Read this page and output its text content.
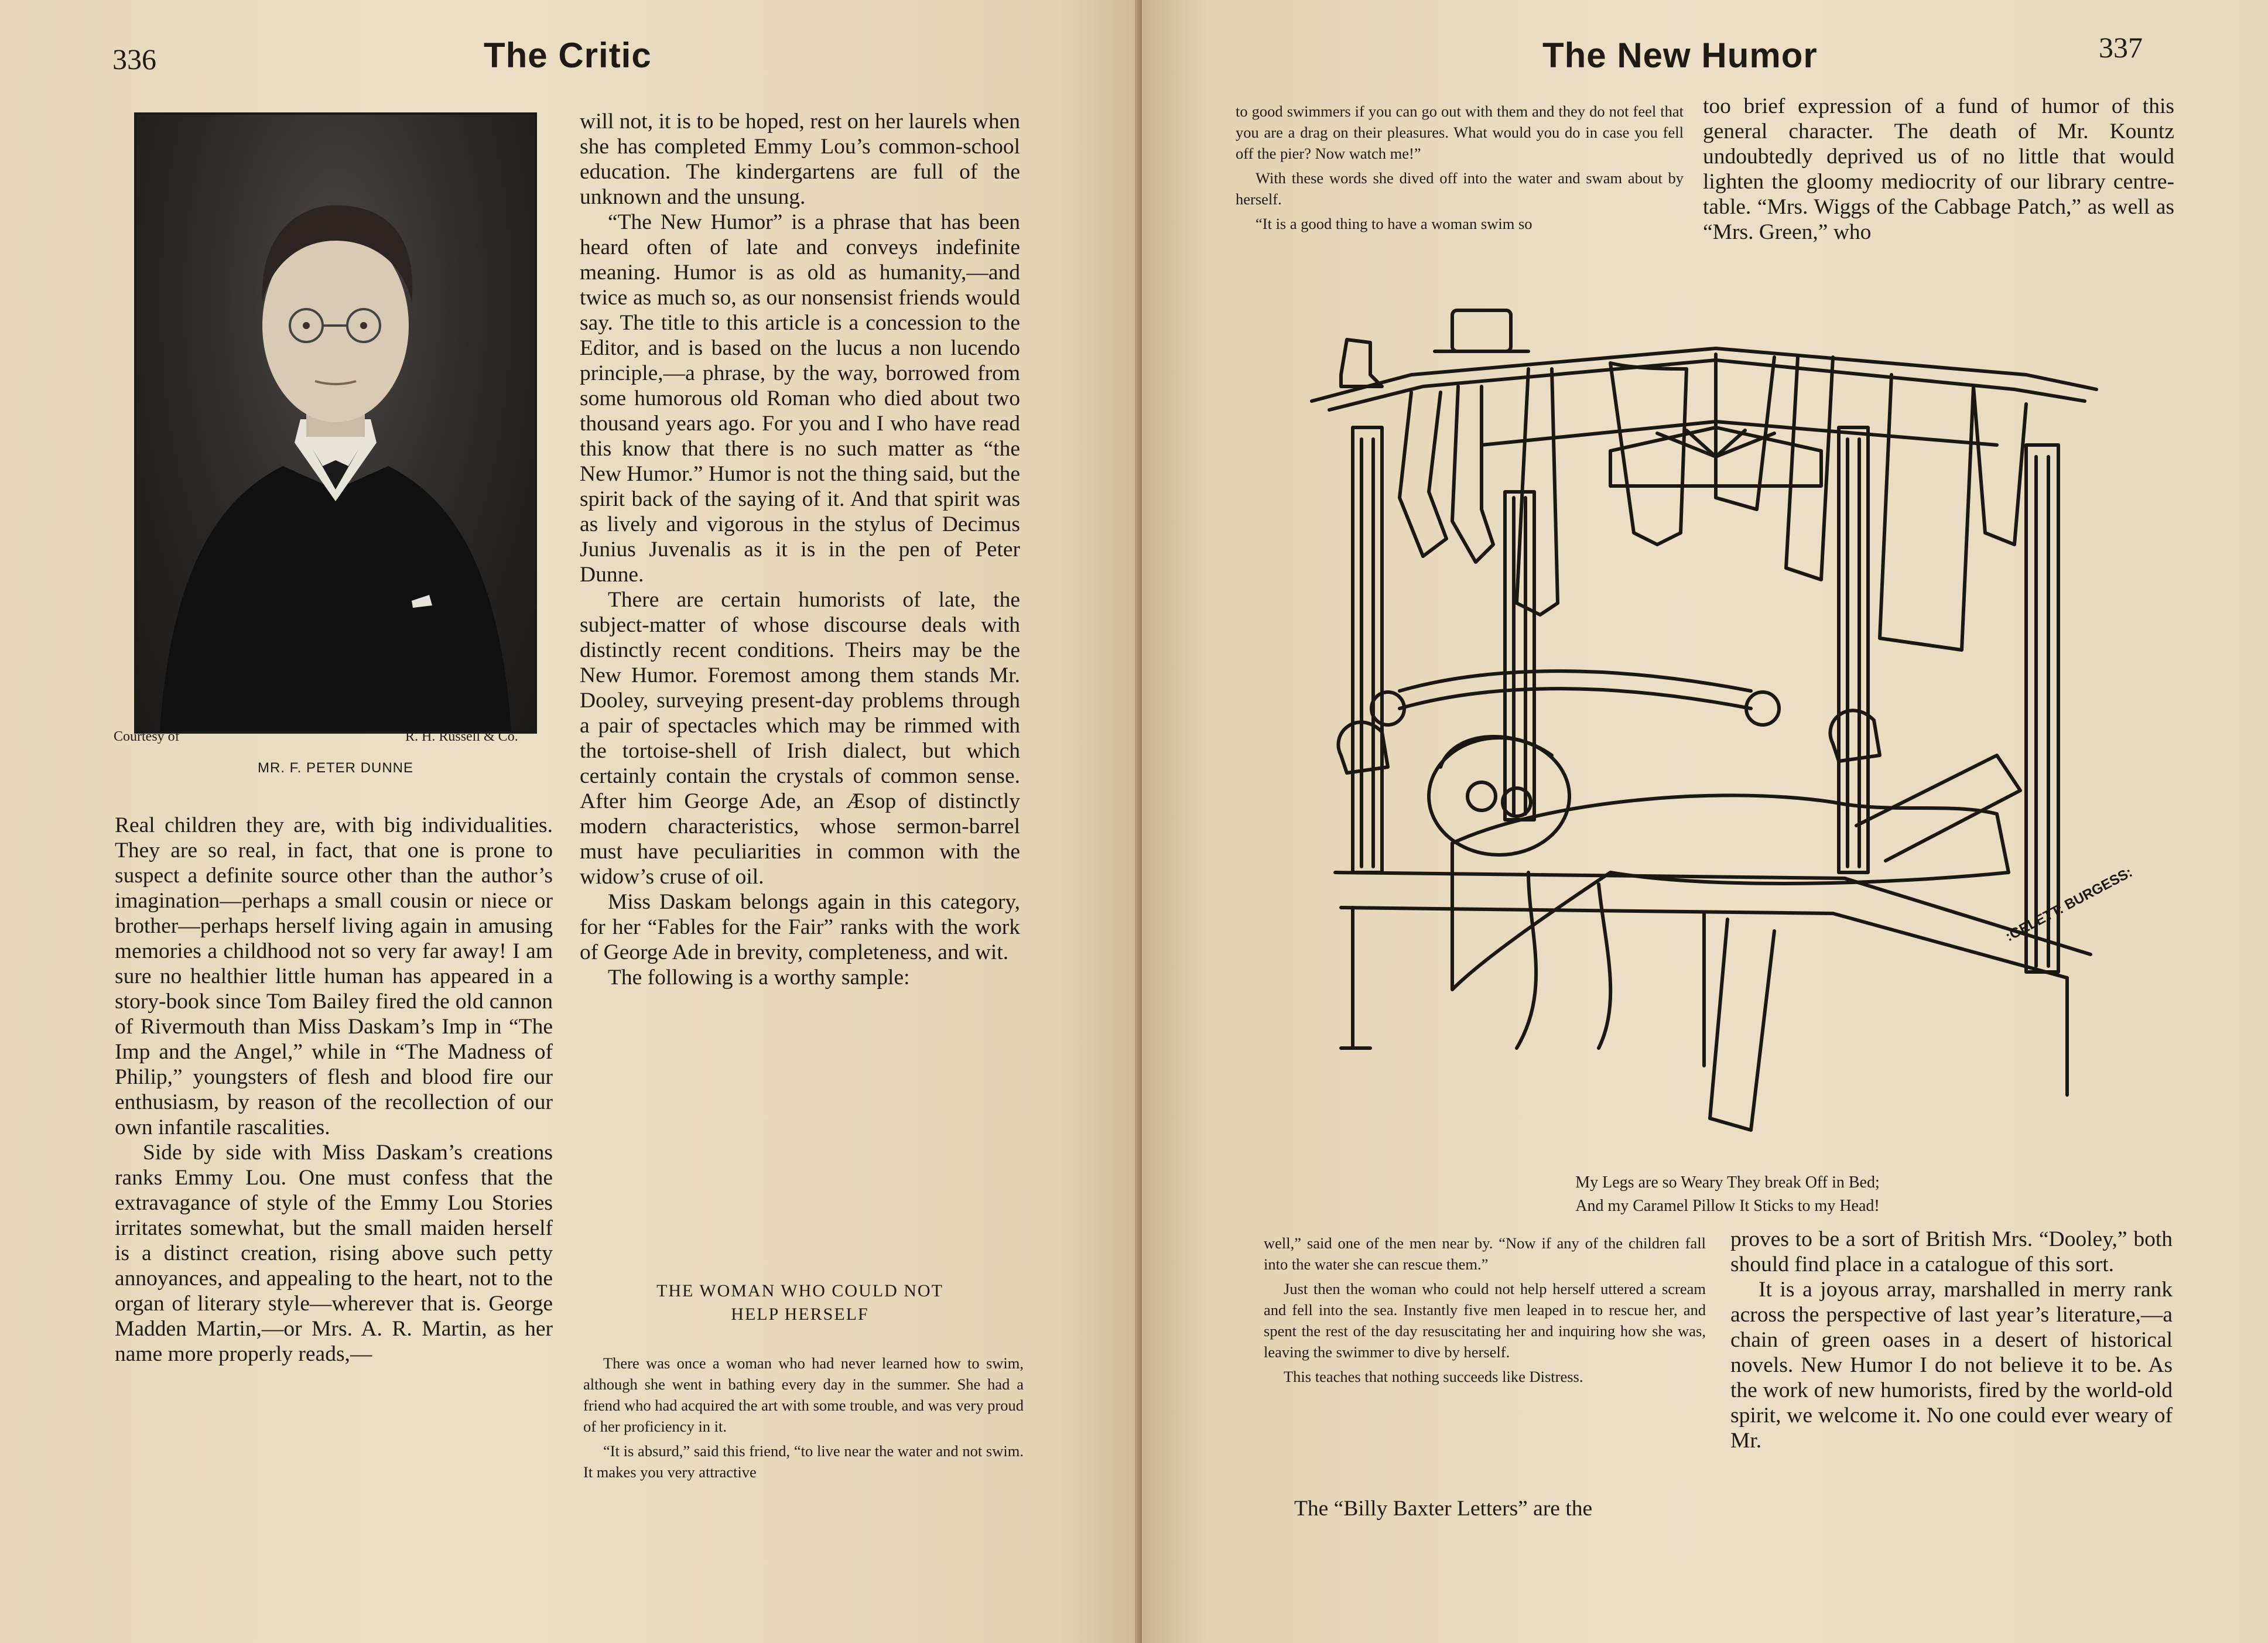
336	The Critic
Courtesy of	R. H. Russell & Co.
MR. F. PETER DUNNE

Real children they are, with big individualities. They are so real, in fact, that one is prone to suspect a definite source other than the author’s imagination—perhaps a small cousin or niece or brother—perhaps herself living again in amusing memories a childhood not so very far away! I am sure no healthier little human has appeared in a story-book since Tom Bailey fired the old cannon of Rivermouth than Miss Daskam’s Imp in “The Imp and the Angel,” while in “The Madness of Philip,” youngsters of flesh and blood fire our enthusiasm, by reason of the recollection of our own infantile rascalities.

Side by side with Miss Daskam’s creations ranks Emmy Lou. One must confess that the extravagance of style of the Emmy Lou Stories irritates somewhat, but the small maiden herself is a distinct creation, rising above such petty annoyances, and appealing to the heart, not to the organ of literary style—wherever that is. George Madden Martin,—or Mrs. A. R. Martin, as her name more properly reads,—

will not, it is to be hoped, rest on her laurels when she has completed Emmy Lou’s common-school education. The kindergartens are full of the unknown and the unsung.

“The New Humor” is a phrase that has been heard often of late and conveys indefinite meaning. Humor is as old as humanity,—and twice as much so, as our nonsensist friends would say. The title to this article is a concession to the Editor, and is based on the lucus a non lucendo principle,—a phrase, by the way, borrowed from some humorous old Roman who died about two thousand years ago. For you and I who have read this know that there is no such matter as “the New Humor.” Humor is not the thing said, but the spirit back of the saying of it. And that spirit was as lively and vigorous in the stylus of Decimus Junius Juvenalis as it is in the pen of Peter Dunne.

There are certain humorists of late, the subject-matter of whose discourse deals with distinctly recent conditions. Theirs may be the New Humor. Foremost among them stands Mr. Dooley, surveying present-day problems through a pair of spectacles which may be rimmed with the tortoise-shell of Irish dialect, but which certainly contain the crystals of common sense. After him George Ade, an Æsop of distinctly modern characteristics, whose sermon-barrel must have peculiarities in common with the widow’s cruse of oil.

Miss Daskam belongs again in this category, for her “Fables for the Fair” ranks with the work of George Ade in brevity, completeness, and wit.

The following is a worthy sample:

THE WOMAN WHO COULD NOT
HELP HERSELF

There was once a woman who had never learned how to swim, although she went in bathing every day in the summer. She had a friend who had acquired the art with some trouble, and was very proud of her proficiency in it.

“It is absurd,” said this friend, “to live near the water and not swim. It makes you very attractive

The New Humor	337

to good swimmers if you can go out with them and they do not feel that you are a drag on their pleasures. What would you do in case you fell off the pier? Now watch me!”

With these words she dived off into the water and swam about by herself.

“It is a good thing to have a woman swim so

too brief expression of a fund of humor of this general character. The death of Mr. Kountz undoubtedly deprived us of no little that would lighten the gloomy mediocrity of our library centre-table. “Mrs. Wiggs of the Cabbage Patch,” as well as “Mrs. Green,” who

:GELETT: BURGESS:
My Legs are so Weary They break Off in Bed;
And my Caramel Pillow It Sticks to my Head!

well,” said one of the men near by. “Now if any of the children fall into the water she can rescue them.”

Just then the woman who could not help herself uttered a scream and fell into the sea. Instantly five men leaped in to rescue her, and spent the rest of the day resuscitating her and inquiring how she was, leaving the swimmer to dive by herself.

This teaches that nothing succeeds like Distress.

The “Billy Baxter Letters” are the

proves to be a sort of British Mrs. “Dooley,” both should find place in a catalogue of this sort.

It is a joyous array, marshalled in merry rank across the perspective of last year’s literature,—a chain of green oases in a desert of historical novels. New Humor I do not believe it to be. As the work of new humorists, fired by the world-old spirit, we welcome it. No one could ever weary of Mr.
